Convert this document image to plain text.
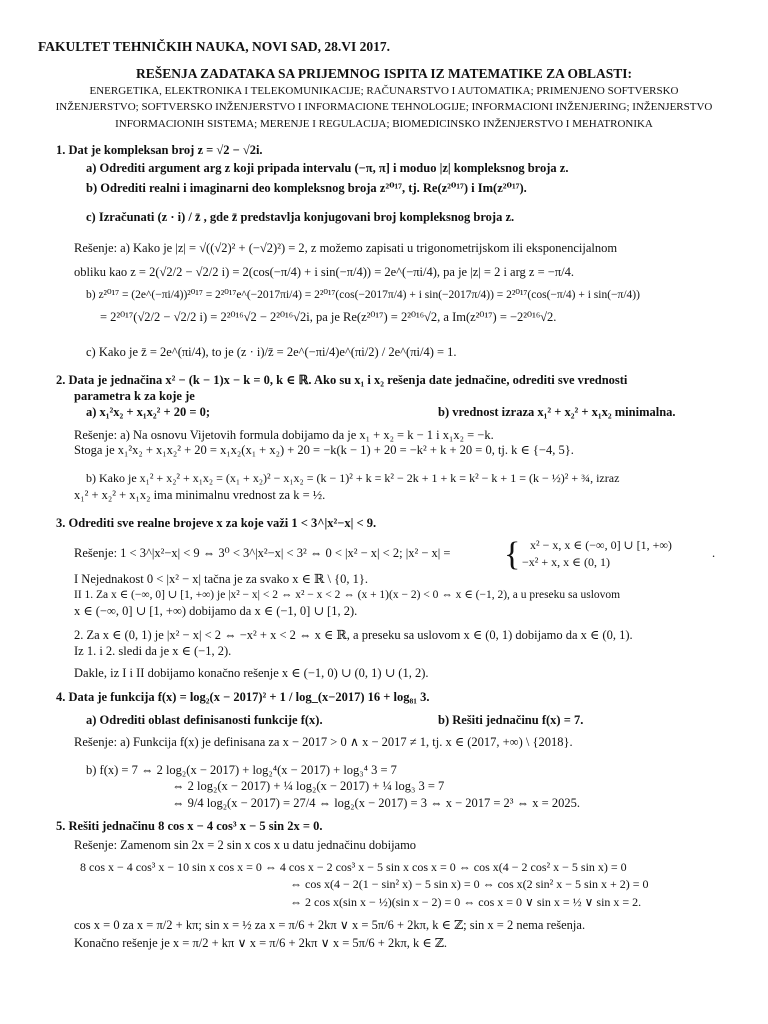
FAKULTET TEHNIČKIH NAUKA, NOVI SAD, 28.VI 2017.
REŠENJA ZADATAKA SA PRIJEMNOG ISPITA IZ MATEMATIKE ZA OBLASTI:
ENERGETIKA, ELEKTRONIKA I TELEKOMUNIKACIJE; RAČUNARSTVO I AUTOMATIKA; PRIMENJENO SOFTVERSKO
INŽENJERSTVO; SOFTVERSKO INŽENJERSTVO I INFORMACIONE TEHNOLOGIJE; INFORMACIONI INŽENJERING; INŽENJERSTVO
INFORMACIONIH SISTEMA; MERENJE I REGULACIJA; BIOMEDICINSKO INŽENJERSTVO I MEHATRONIKA
1. Dat je kompleksan broj z = √2 − √2i.
a) Odrediti argument arg z koji pripada intervalu (−π, π] i moduo |z| kompleksnog broja z.
b) Odrediti realni i imaginarni deo kompleksnog broja z²⁰¹⁷, tj. Re(z²⁰¹⁷) i Im(z²⁰¹⁷).
c) Izračunati (z · i) / z̄ , gde z̄ predstavlja konjugovani broj kompleksnog broja z.
Rešenje: a) Kako je |z| = √((√2)² + (−√2)²) = 2, z možemo zapisati u trigonometrijskom ili eksponencijalnom
obliku kao z = 2(√2/2 − √2/2 i) = 2(cos(−π/4) + i sin(−π/4)) = 2e^(−πi/4), pa je |z| = 2 i arg z = −π/4.
b) z²⁰¹⁷ = (2e^(−πi/4))²⁰¹⁷ = 2²⁰¹⁷e^(−2017πi/4) = 2²⁰¹⁷(cos(−2017π/4) + i sin(−2017π/4)) = 2²⁰¹⁷(cos(−π/4) + i sin(−π/4))
= 2²⁰¹⁷(√2/2 − √2/2 i) = 2²⁰¹⁶√2 − 2²⁰¹⁶√2i, pa je Re(z²⁰¹⁷) = 2²⁰¹⁶√2, a Im(z²⁰¹⁷) = −2²⁰¹⁶√2.
c) Kako je z̄ = 2e^(πi/4), to je (z · i)/z̄ = 2e^(−πi/4)e^(πi/2) / 2e^(πi/4) = 1.
2. Data je jednačina x² − (k − 1)x − k = 0, k ∈ ℝ. Ako su x₁ i x₂ rešenja date jednačine, odrediti sve vrednosti
parametra k za koje je
a) x₁²x₂ + x₁x₂² + 20 = 0;	b) vrednost izraza x₁² + x₂² + x₁x₂ minimalna.
Rešenje: a) Na osnovu Vijetovih formula dobijamo da je x₁ + x₂ = k − 1 i x₁x₂ = −k.
Stoga je x₁²x₂ + x₁x₂² + 20 = x₁x₂(x₁ + x₂) + 20 = −k(k − 1) + 20 = −k² + k + 20 = 0, tj. k ∈ {−4, 5}.
b) Kako je x₁² + x₂² + x₁x₂ = (x₁ + x₂)² − x₁x₂ = (k − 1)² + k = k² − 2k + 1 + k = k² − k + 1 = (k − ½)² + ¾, izraz
x₁² + x₂² + x₁x₂ ima minimalnu vrednost za k = ½.
3. Odrediti sve realne brojeve x za koje važi 1 < 3^|x²−x| < 9.
Rešenje: 1 < 3^|x²−x| < 9 ⇔ 3⁰ < 3^|x²−x| < 3² ⇔ 0 < |x² − x| < 2; |x² − x| = { x² − x, x ∈ (−∞, 0] ∪ [1, +∞)
−x² + x, x ∈ (0, 1)
.
I Nejednakost 0 < |x² − x| tačna je za svako x ∈ ℝ \ {0, 1}.
II 1. Za x ∈ (−∞, 0] ∪ [1, +∞) je |x² − x| < 2 ⇔ x² − x < 2 ⇔ (x + 1)(x − 2) < 0 ⇔ x ∈ (−1, 2), a u preseku sa uslovom
x ∈ (−∞, 0] ∪ [1, +∞) dobijamo da x ∈ (−1, 0] ∪ [1, 2).
2. Za x ∈ (0, 1) je |x² − x| < 2 ⇔ −x² + x < 2 ⇔ x ∈ ℝ, a preseku sa uslovom x ∈ (0, 1) dobijamo da x ∈ (0, 1).
Iz 1. i 2. sledi da je x ∈ (−1, 2).
Dakle, iz I i II dobijamo konačno rešenje x ∈ (−1, 0) ∪ (0, 1) ∪ (1, 2).
4. Data je funkcija f(x) = log₂(x − 2017)² + 1 / log_(x−2017) 16 + log₈₁ 3.
a) Odrediti oblast definisanosti funkcije f(x).	b) Rešiti jednačinu f(x) = 7.
Rešenje: a) Funkcija f(x) je definisana za x − 2017 > 0 ∧ x − 2017 ≠ 1, tj. x ∈ (2017, +∞) \ {2018}.
b) f(x) = 7 ⇔ 2 log₂(x − 2017) + log₂⁴(x − 2017) + log₃⁴ 3 = 7
⇔ 2 log₂(x − 2017) + ¼ log₂(x − 2017) + ¼ log₃ 3 = 7
⇔ 9/4 log₂(x − 2017) = 27/4 ⇔ log₂(x − 2017) = 3 ⇔ x − 2017 = 2³ ⇔ x = 2025.
5. Rešiti jednačinu 8 cos x − 4 cos³ x − 5 sin 2x = 0.
Rešenje: Zamenom sin 2x = 2 sin x cos x u datu jednačinu dobijamo
8 cos x − 4 cos³ x − 10 sin x cos x = 0 ⇔ 4 cos x − 2 cos³ x − 5 sin x cos x = 0 ⇔ cos x(4 − 2 cos² x − 5 sin x) = 0
⇔ cos x(4 − 2(1 − sin² x) − 5 sin x) = 0 ⇔ cos x(2 sin² x − 5 sin x + 2) = 0
⇔ 2 cos x(sin x − ½)(sin x − 2) = 0 ⇔ cos x = 0 ∨ sin x = ½ ∨ sin x = 2.
cos x = 0 za x = π/2 + kπ; sin x = ½ za x = π/6 + 2kπ ∨ x = 5π/6 + 2kπ, k ∈ ℤ; sin x = 2 nema rešenja.
Konačno rešenje je x = π/2 + kπ ∨ x = π/6 + 2kπ ∨ x = 5π/6 + 2kπ, k ∈ ℤ.
